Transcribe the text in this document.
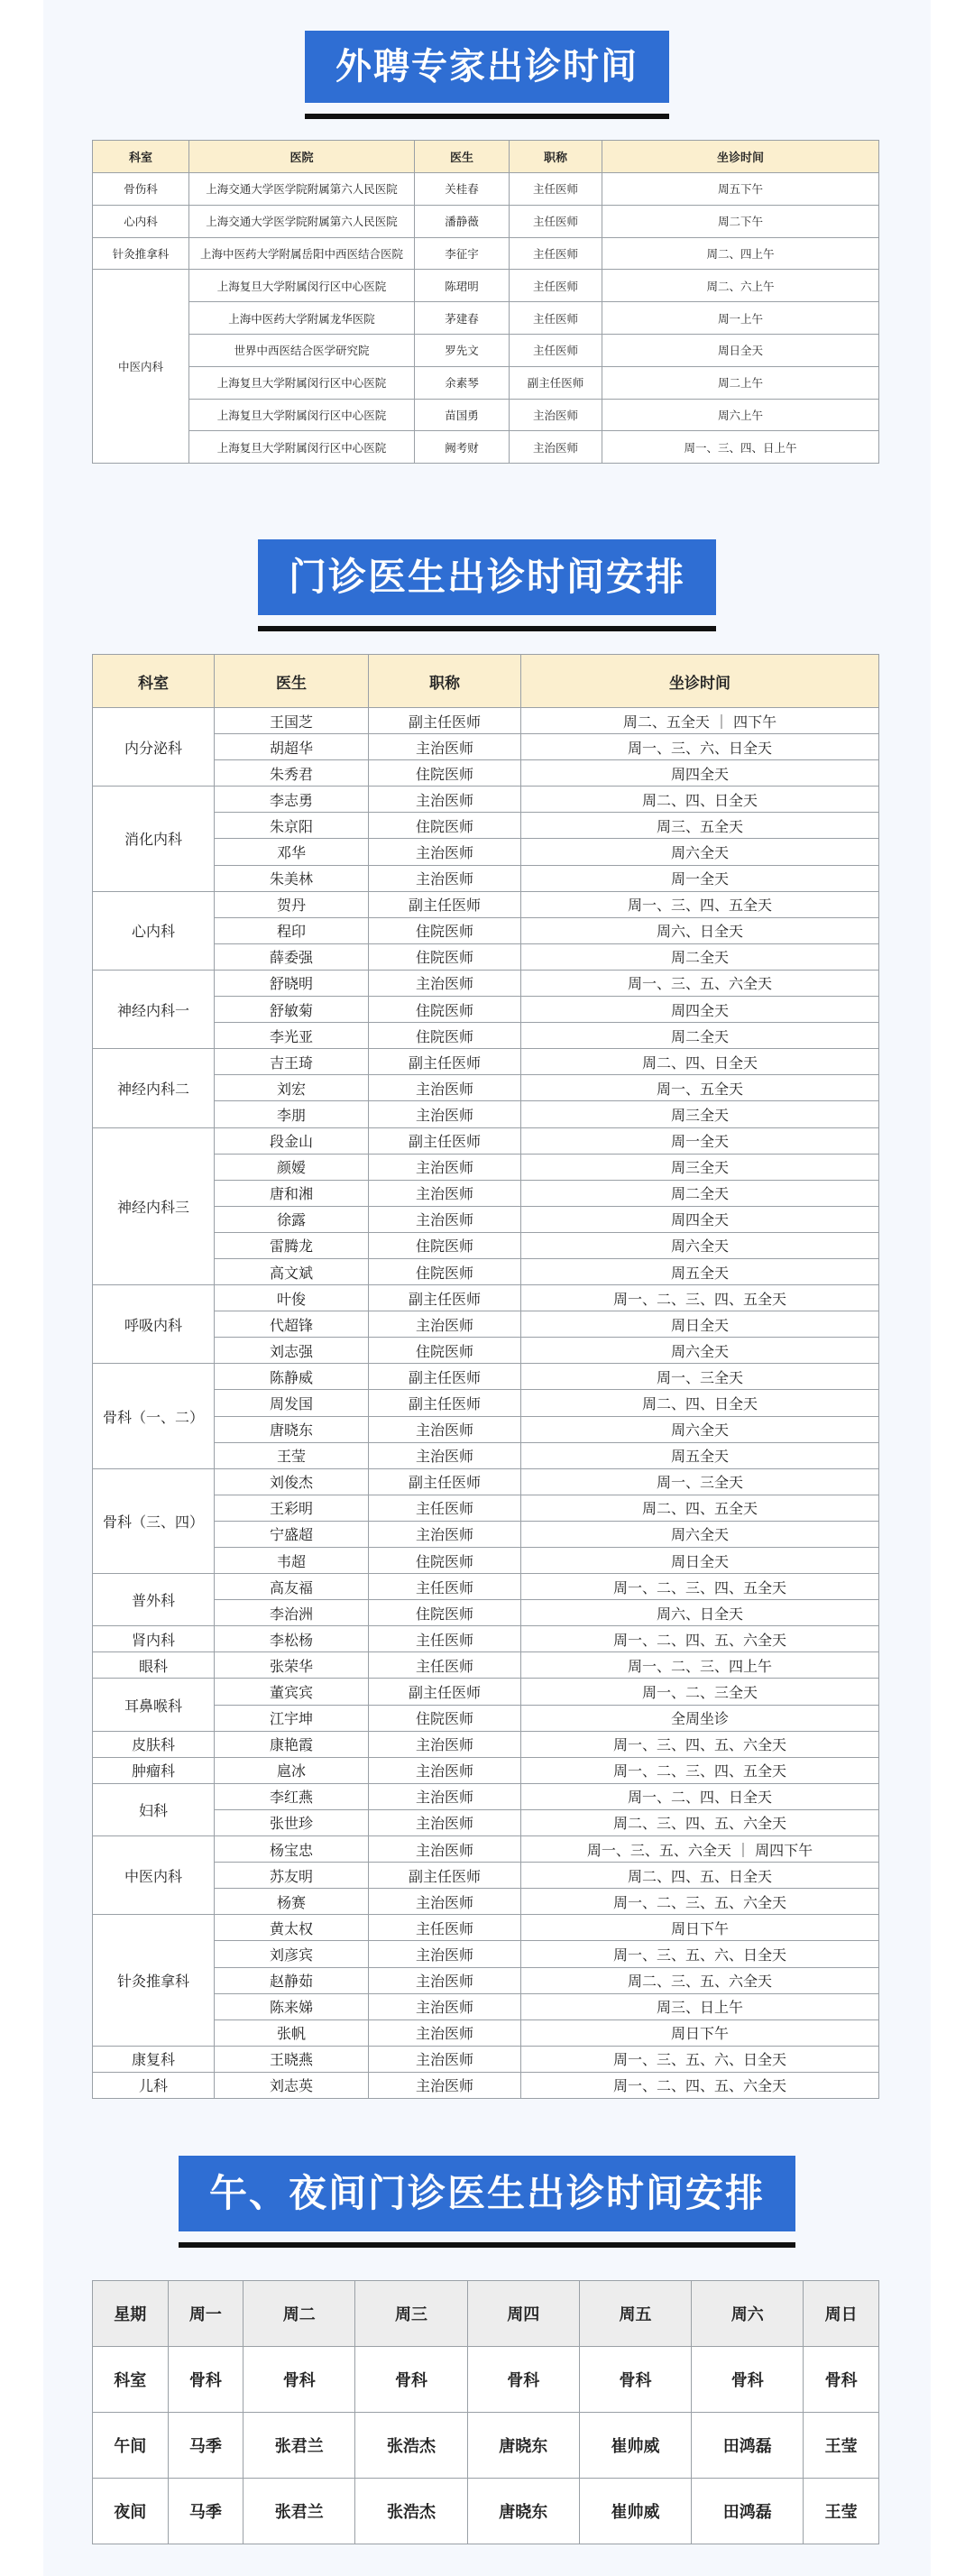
外聘专家出诊时间
科室	医院	医生	职称	坐诊时间
骨伤科	上海交通大学医学院附属第六人民医院	关桂春	主任医师	周五下午
心内科	上海交通大学医学院附属第六人民医院	潘静薇	主任医师	周二下午
针灸推拿科	上海中医药大学附属岳阳中西医结合医院	李征宇	主任医师	周二、四上午
中医内科	上海复旦大学附属闵行区中心医院	陈珺明	主任医师	周二、六上午
	上海中医药大学附属龙华医院	茅建春	主任医师	周一上午
	世界中西医结合医学研究院	罗先文	主任医师	周日全天
	上海复旦大学附属闵行区中心医院	余素琴	副主任医师	周二上午
	上海复旦大学附属闵行区中心医院	苗国勇	主治医师	周六上午
	上海复旦大学附属闵行区中心医院	阙考财	主治医师	周一、三、四、日上午
门诊医生出诊时间安排
科室	医生	职称	坐诊时间
内分泌科	王国芝	副主任医师	周二、五全天 ｜ 四下午
	胡超华	主治医师	周一、三、六、日全天
	朱秀君	住院医师	周四全天
消化内科	李志勇	主治医师	周二、四、日全天
	朱京阳	住院医师	周三、五全天
	邓华	主治医师	周六全天
	朱美林	主治医师	周一全天
心内科	贺丹	副主任医师	周一、三、四、五全天
	程印	住院医师	周六、日全天
	薛委强	住院医师	周二全天
神经内科一	舒晓明	主治医师	周一、三、五、六全天
	舒敏菊	住院医师	周四全天
	李光亚	住院医师	周二全天
神经内科二	吉王琦	副主任医师	周二、四、日全天
	刘宏	主治医师	周一、五全天
	李朋	主治医师	周三全天
神经内科三	段金山	副主任医师	周一全天
	颜嫒	主治医师	周三全天
	唐和湘	主治医师	周二全天
	徐露	主治医师	周四全天
	雷腾龙	住院医师	周六全天
	高文斌	住院医师	周五全天
呼吸内科	叶俊	副主任医师	周一、二、三、四、五全天
	代超锋	主治医师	周日全天
	刘志强	住院医师	周六全天
骨科（一、二）	陈静威	副主任医师	周一、三全天
	周发国	副主任医师	周二、四、日全天
	唐晓东	主治医师	周六全天
	王莹	主治医师	周五全天
骨科（三、四）	刘俊杰	副主任医师	周一、三全天
	王彩明	主任医师	周二、四、五全天
	宁盛超	主治医师	周六全天
	韦超	住院医师	周日全天
普外科	高友福	主任医师	周一、二、三、四、五全天
	李治洲	住院医师	周六、日全天
肾内科	李松杨	主任医师	周一、二、四、五、六全天
眼科	张荣华	主任医师	周一、二、三、四上午
耳鼻喉科	董宾宾	副主任医师	周一、二、三全天
	江宇坤	住院医师	全周坐诊
皮肤科	康艳霞	主治医师	周一、三、四、五、六全天
肿瘤科	扈冰	主治医师	周一、二、三、四、五全天
妇科	李红燕	主治医师	周一、二、四、日全天
	张世珍	主治医师	周二、三、四、五、六全天
中医内科	杨宝忠	主治医师	周一、三、五、六全天 ｜ 周四下午
	苏友明	副主任医师	周二、四、五、日全天
	杨赛	主治医师	周一、二、三、五、六全天
针灸推拿科	黄太权	主任医师	周日下午
	刘彦宾	主治医师	周一、三、五、六、日全天
	赵静茹	主治医师	周二、三、五、六全天
	陈来娣	主治医师	周三、日上午
	张帆	主治医师	周日下午
康复科	王晓燕	主治医师	周一、三、五、六、日全天
儿科	刘志英	主治医师	周一、二、四、五、六全天
午、夜间门诊医生出诊时间安排
星期	周一	周二	周三	周四	周五	周六	周日
科室	骨科	骨科	骨科	骨科	骨科	骨科	骨科
午间	马季	张君兰	张浩杰	唐晓东	崔帅威	田鸿磊	王莹
夜间	马季	张君兰	张浩杰	唐晓东	崔帅威	田鸿磊	王莹
